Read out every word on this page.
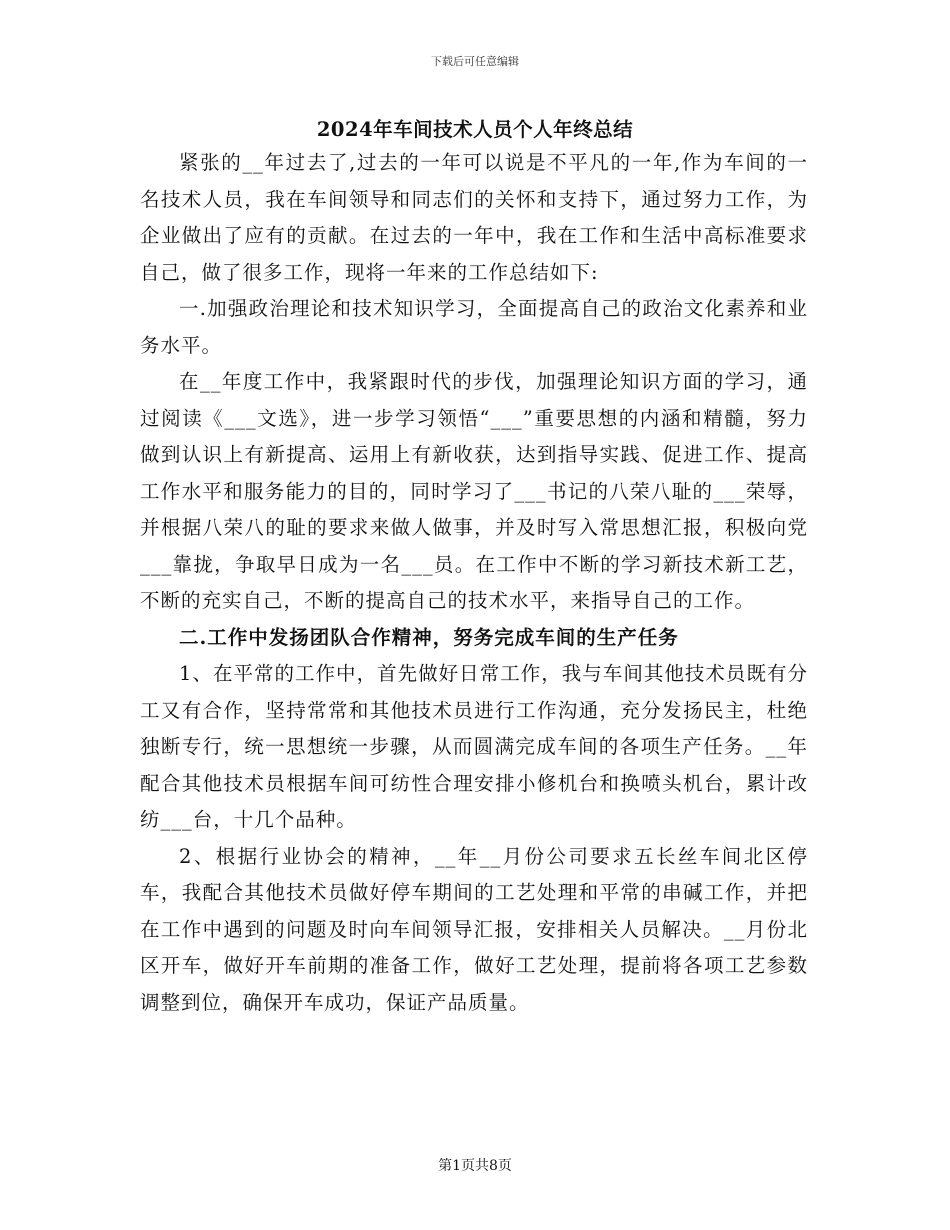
下载后可任意编辑
2024年车间技术人员个人年终总结

紧张的__年过去了,过去的一年可以说是不平凡的一年,作为车间的一名技术人员，我在车间领导和同志们的关怀和支持下，通过努力工作，为企业做出了应有的贡献。在过去的一年中，我在工作和生活中高标准要求自己，做了很多工作，现将一年来的工作总结如下:

一.加强政治理论和技术知识学习，全面提高自己的政治文化素养和业务水平。

在__年度工作中，我紧跟时代的步伐，加强理论知识方面的学习，通过阅读《___文选》，进一步学习领悟“___”重要思想的内涵和精髓，努力做到认识上有新提高、运用上有新收获，达到指导实践、促进工作、提高工作水平和服务能力的目的，同时学习了___书记的八荣八耻的___荣辱，并根据八荣八的耻的要求来做人做事，并及时写入常思想汇报，积极向党___靠拢，争取早日成为一名___员。在工作中不断的学习新技术新工艺，不断的充实自己，不断的提高自己的技术水平，来指导自己的工作。

二.工作中发扬团队合作精神，努务完成车间的生产任务

1、在平常的工作中，首先做好日常工作，我与车间其他技术员既有分工又有合作，坚持常常和其他技术员进行工作沟通，充分发扬民主，杜绝独断专行，统一思想统一步骤，从而圆满完成车间的各项生产任务。__年配合其他技术员根据车间可纺性合理安排小修机台和换喷头机台，累计改纺___台，十几个品种。

2、根据行业协会的精神，__年__月份公司要求五长丝车间北区停车，我配合其他技术员做好停车期间的工艺处理和平常的串碱工作，并把在工作中遇到的问题及时向车间领导汇报，安排相关人员解决。__月份北区开车，做好开车前期的准备工作，做好工艺处理，提前将各项工艺参数调整到位，确保开车成功，保证产品质量。

第1页共8页
